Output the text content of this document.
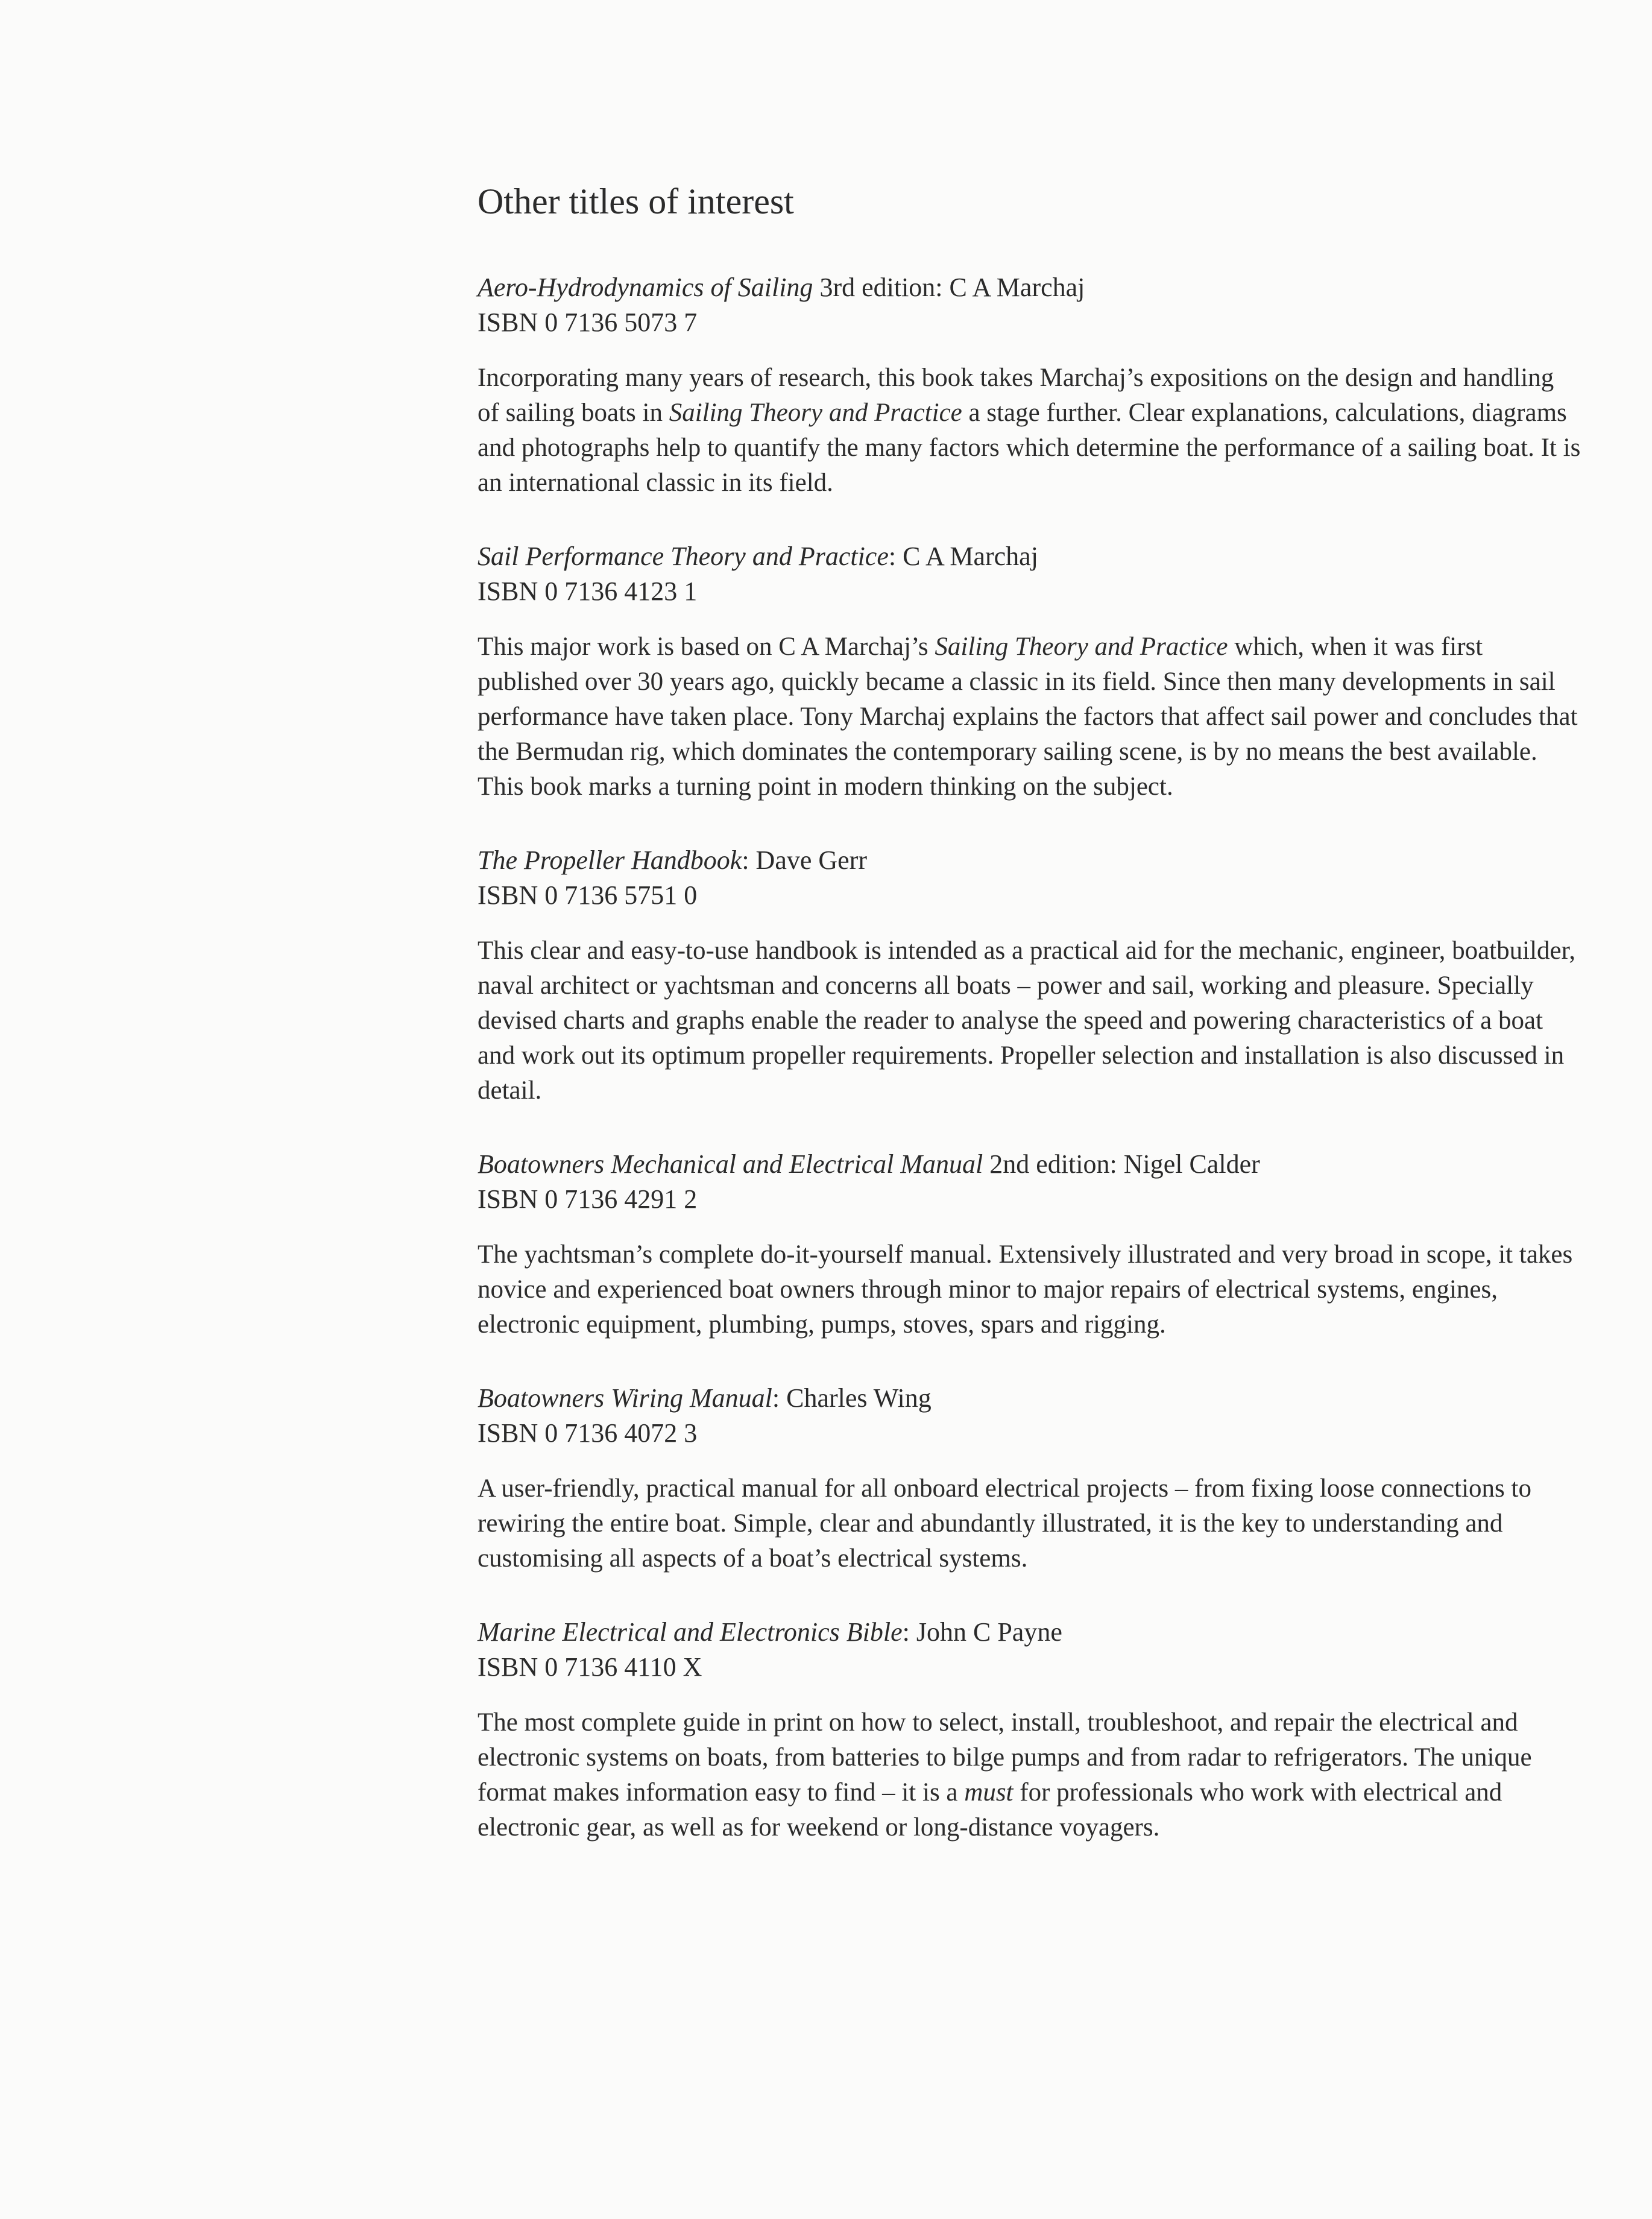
Other titles of interest
Aero-Hydrodynamics of Sailing 3rd edition: C A Marchaj
ISBN 0 7136 5073 7
Incorporating many years of research, this book takes Marchaj’s expositions on the design and handling of sailing boats in Sailing Theory and Practice a stage further. Clear explanations, calculations, diagrams and photographs help to quantify the many factors which determine the performance of a sailing boat. It is an international classic in its field.
Sail Performance Theory and Practice: C A Marchaj
ISBN 0 7136 4123 1
This major work is based on C A Marchaj’s Sailing Theory and Practice which, when it was first published over 30 years ago, quickly became a classic in its field. Since then many developments in sail performance have taken place. Tony Marchaj explains the factors that affect sail power and concludes that the Bermudan rig, which dominates the contemporary sailing scene, is by no means the best available. This book marks a turning point in modern thinking on the subject.
The Propeller Handbook: Dave Gerr
ISBN 0 7136 5751 0
This clear and easy-to-use handbook is intended as a practical aid for the mechanic, engineer, boatbuilder, naval architect or yachtsman and concerns all boats – power and sail, working and pleasure. Specially devised charts and graphs enable the reader to analyse the speed and powering characteristics of a boat and work out its optimum propeller requirements. Propeller selection and installation is also discussed in detail.
Boatowners Mechanical and Electrical Manual 2nd edition: Nigel Calder
ISBN 0 7136 4291 2
The yachtsman’s complete do-it-yourself manual. Extensively illustrated and very broad in scope, it takes novice and experienced boat owners through minor to major repairs of electrical systems, engines, electronic equipment, plumbing, pumps, stoves, spars and rigging.
Boatowners Wiring Manual: Charles Wing
ISBN 0 7136 4072 3
A user-friendly, practical manual for all onboard electrical projects – from fixing loose connections to rewiring the entire boat. Simple, clear and abundantly illustrated, it is the key to understanding and customising all aspects of a boat’s electrical systems.
Marine Electrical and Electronics Bible: John C Payne
ISBN 0 7136 4110 X
The most complete guide in print on how to select, install, troubleshoot, and repair the electrical and electronic systems on boats, from batteries to bilge pumps and from radar to refrigerators. The unique format makes information easy to find – it is a must for professionals who work with electrical and electronic gear, as well as for weekend or long-distance voyagers.
